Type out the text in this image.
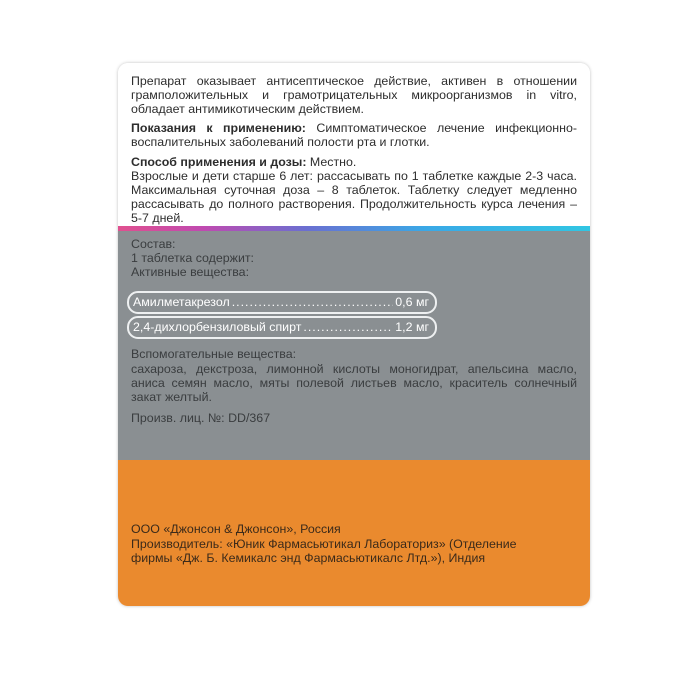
Препарат оказывает антисептическое действие, активен в отношении грамположительных и грамотрицательных микроорганизмов in vitro, обладает антимикотическим действием.

Показания к применению: Симптоматическое лечение инфекционно-воспалительных заболеваний полости рта и глотки.

Способ применения и дозы: Местно.

Взрослые и дети старше 6 лет: рассасывать по 1 таблетке каждые 2-3 часа. Максимальная суточная доза – 8 таблеток. Таблетку следует медленно рассасывать до полного растворения. Продолжительность курса лечения – 5-7 дней.

Состав:

1 таблетка содержит:

Активные вещества:

Амилметакрезол .....	0,6 мг
2,4-дихлорбензиловый спирт .....	1,2 мг

Вспомогательные вещества:

сахароза, декстроза, лимонной кислоты моногидрат, апельсина масло, аниса семян масло, мяты полевой листьев масло, краситель солнечный закат желтый.

Произв. лиц. №: DD/367

ООО «Джонсон & Джонсон», Россия

Производитель: «Юник Фармасьютикал Лабораториз» (Отделение фирмы «Дж. Б. Кемикалс энд Фармасьютикалс Лтд.»), Индия
